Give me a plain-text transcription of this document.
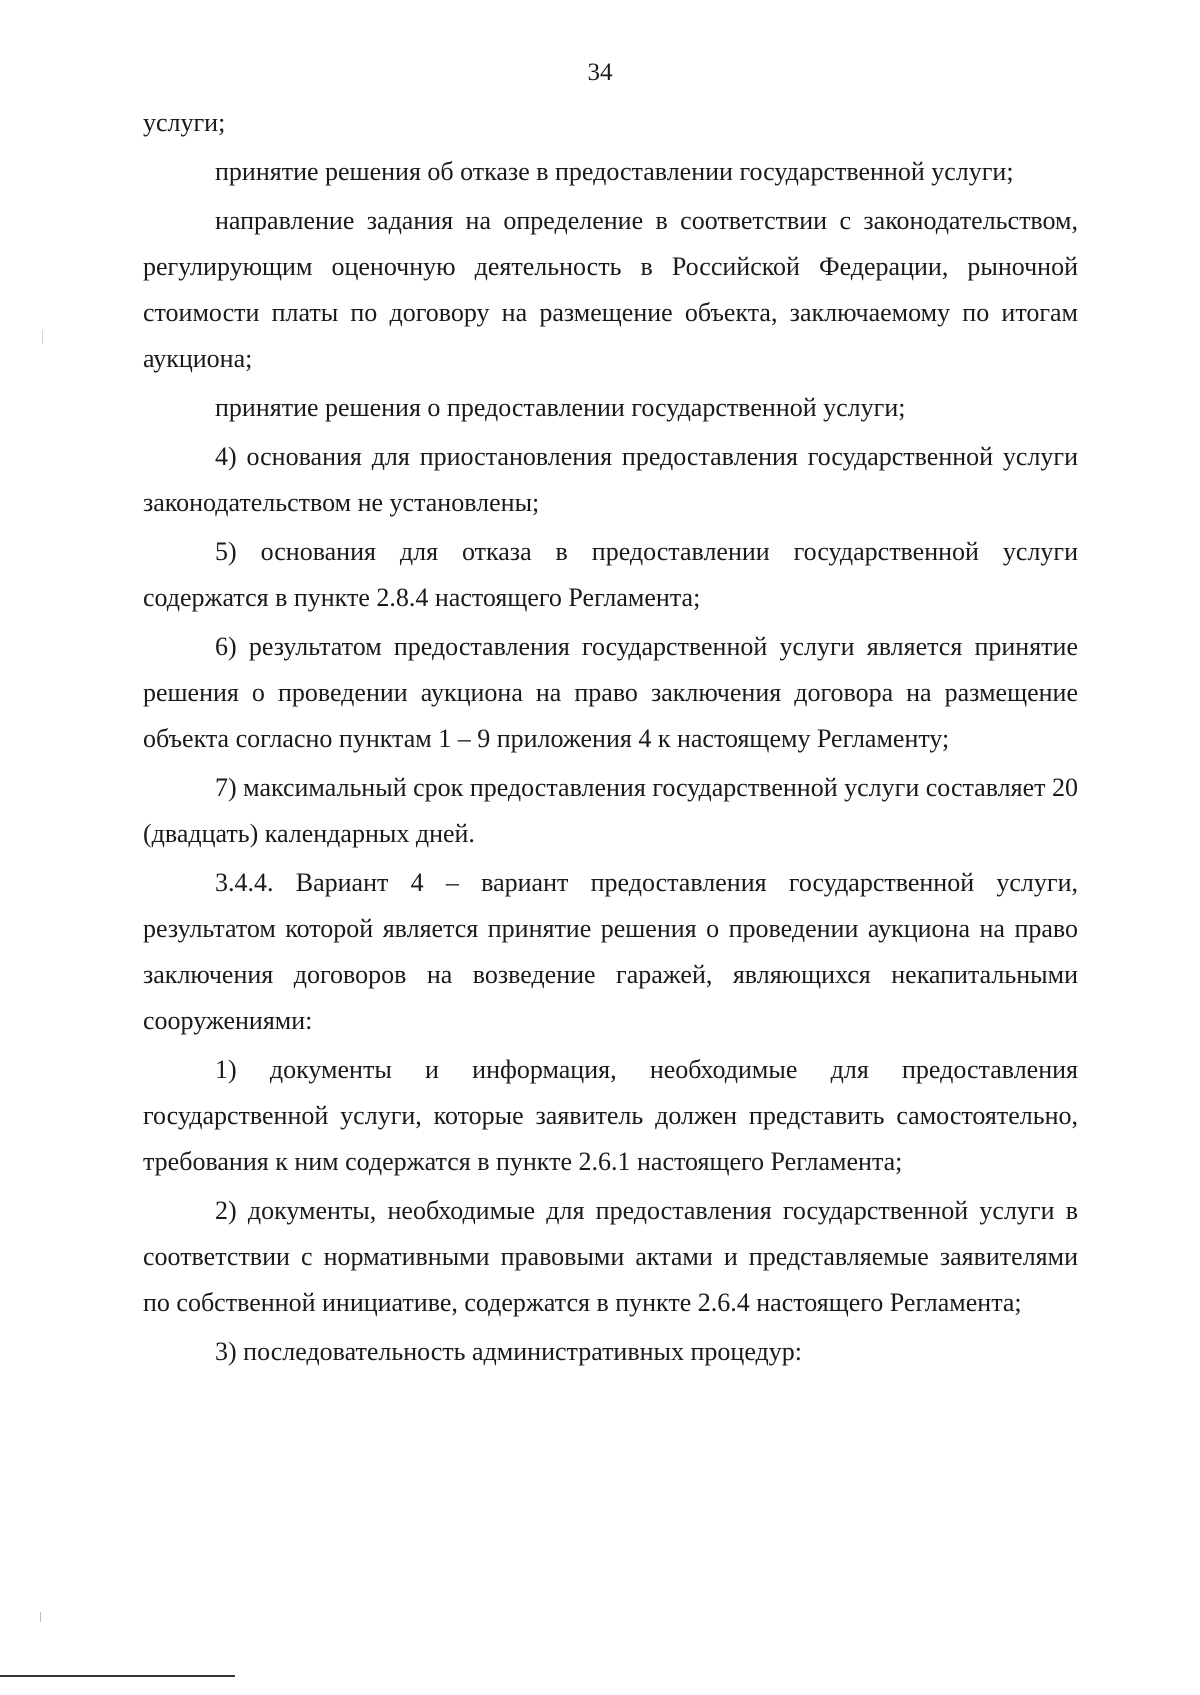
34

услуги;

принятие решения об отказе в предоставлении государственной услуги;

направление задания на определение в соответствии с законодательством, регулирующим оценочную деятельность в Российской Федерации, рыночной стоимости платы по договору на размещение объекта, заключаемому по итогам аукциона;

принятие решения о предоставлении государственной услуги;

4) основания для приостановления предоставления государственной услуги законодательством не установлены;

5) основания для отказа в предоставлении государственной услуги содержатся в пункте 2.8.4 настоящего Регламента;

6) результатом предоставления государственной услуги является принятие решения о проведении аукциона на право заключения договора на размещение объекта согласно пунктам 1 – 9 приложения 4 к настоящему Регламенту;

7) максимальный срок предоставления государственной услуги составляет 20 (двадцать) календарных дней.

3.4.4. Вариант 4 – вариант предоставления государственной услуги, результатом которой является принятие решения о проведении аукциона на право заключения договоров на возведение гаражей, являющихся некапитальными сооружениями:

1) документы и информация, необходимые для предоставления государственной услуги, которые заявитель должен представить самостоятельно, требования к ним содержатся в пункте 2.6.1 настоящего Регламента;

2) документы, необходимые для предоставления государственной услуги в соответствии с нормативными правовыми актами и представляемые заявителями по собственной инициативе, содержатся в пункте 2.6.4 настоящего Регламента;

3) последовательность административных процедур:
